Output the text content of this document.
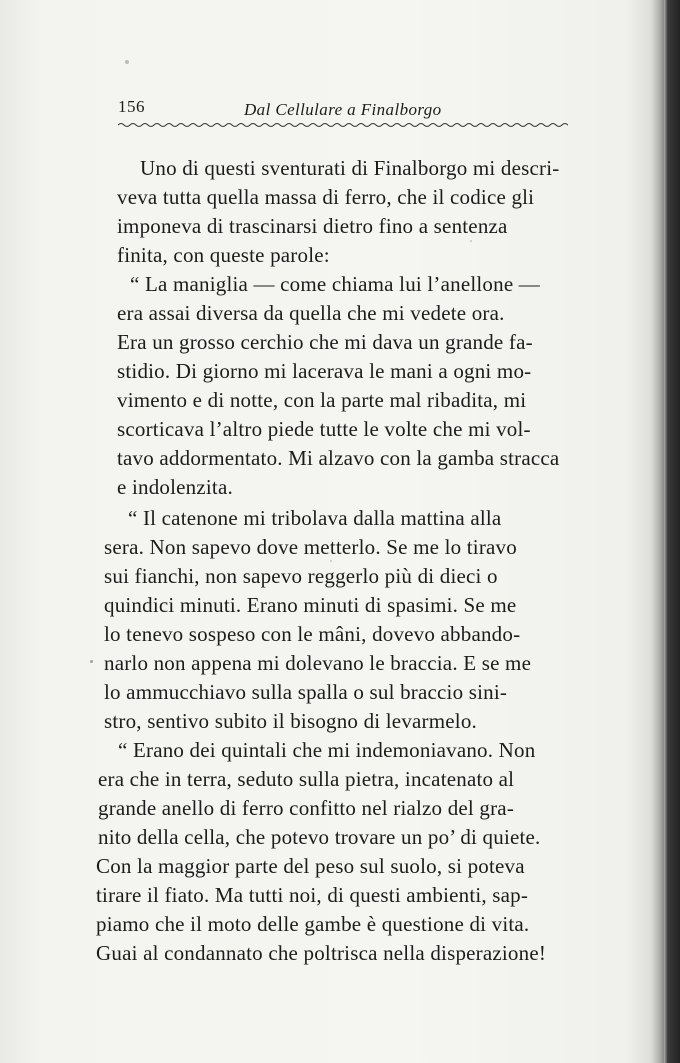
156	Dal Cellulare a Finalborgo
Uno di questi sventurati di Finalborgo mi descri-
veva tutta quella massa di ferro, che il codice gli
imponeva di trascinarsi dietro fino a sentenza
finita, con queste parole:
“ La maniglia — come chiama lui l’anellone —
era assai diversa da quella che mi vedete ora.
Era un grosso cerchio che mi dava un grande fa-
stidio. Di giorno mi lacerava le mani a ogni mo-
vimento e di notte, con la parte mal ribadita, mi
scorticava l’altro piede tutte le volte che mi vol-
tavo addormentato. Mi alzavo con la gamba stracca
e indolenzita.
“ Il catenone mi tribolava dalla mattina alla
sera. Non sapevo dove metterlo. Se me lo tiravo
sui fianchi, non sapevo reggerlo più di dieci o
quindici minuti. Erano minuti di spasimi. Se me
lo tenevo sospeso con le mâni, dovevo abbando-
narlo non appena mi dolevano le braccia. E se me
lo ammucchiavo sulla spalla o sul braccio sini-
stro, sentivo subito il bisogno di levarmelo.
“ Erano dei quintali che mi indemoniavano. Non
era che in terra, seduto sulla pietra, incatenato al
grande anello di ferro confitto nel rialzo del gra-
nito della cella, che potevo trovare un po’ di quiete.
Con la maggior parte del peso sul suolo, si poteva
tirare il fiato. Ma tutti noi, di questi ambienti, sap-
piamo che il moto delle gambe è questione di vita.
Guai al condannato che poltrisca nella disperazione!
